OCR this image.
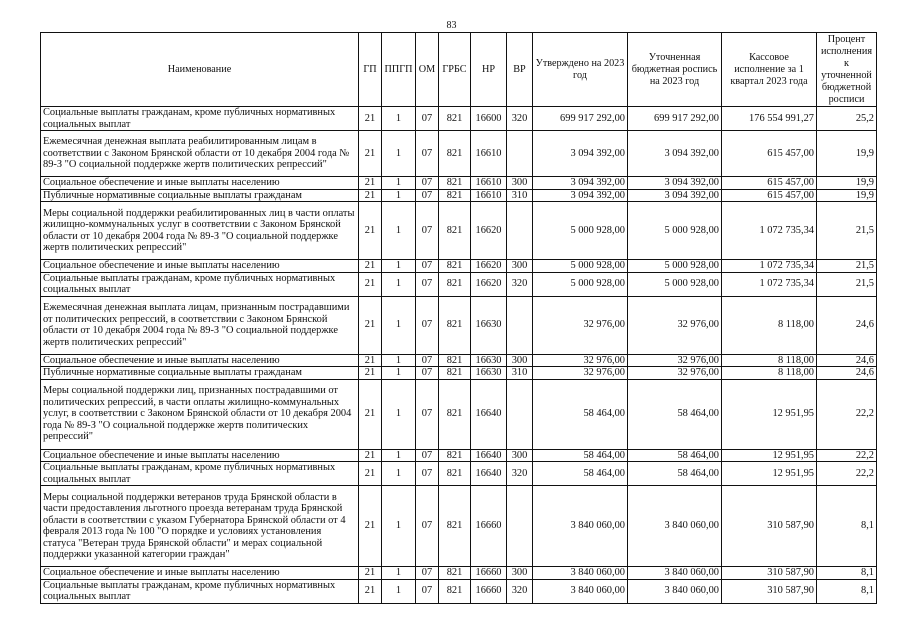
83
Наименование	ГП	ППГП	ОМ	ГРБС	НР	ВР	Утверждено на 2023 год	Уточненная бюджетная роспись на 2023 год	Кассовое исполнение за 1 квартал 2023 года	Процент исполнения к уточненной бюджетной росписи
Социальные выплаты гражданам, кроме публичных нормативных социальных выплат	21	1	07	821	16600	320	699 917 292,00	699 917 292,00	176 554 991,27	25,2
Ежемесячная денежная выплата реабилитированным лицам в соответствии с Законом Брянской области от 10 декабря 2004 года № 89-З "О социальной поддержке жертв политических репрессий"	21	1	07	821	16610		3 094 392,00	3 094 392,00	615 457,00	19,9
Социальное обеспечение и иные выплаты населению	21	1	07	821	16610	300	3 094 392,00	3 094 392,00	615 457,00	19,9
Публичные нормативные социальные выплаты гражданам	21	1	07	821	16610	310	3 094 392,00	3 094 392,00	615 457,00	19,9
Меры социальной поддержки реабилитированных лиц в части оплаты жилищно-коммунальных услуг в соответствии с Законом Брянской области от 10 декабря 2004 года № 89-З "О социальной поддержке жертв политических репрессий"	21	1	07	821	16620		5 000 928,00	5 000 928,00	1 072 735,34	21,5
Социальное обеспечение и иные выплаты населению	21	1	07	821	16620	300	5 000 928,00	5 000 928,00	1 072 735,34	21,5
Социальные выплаты гражданам, кроме публичных нормативных социальных выплат	21	1	07	821	16620	320	5 000 928,00	5 000 928,00	1 072 735,34	21,5
Ежемесячная денежная выплата лицам, признанным пострадавшими от политических репрессий, в соответствии с Законом Брянской области от 10 декабря 2004 года № 89-З "О социальной поддержке жертв политических репрессий"	21	1	07	821	16630		32 976,00	32 976,00	8 118,00	24,6
Социальное обеспечение и иные выплаты населению	21	1	07	821	16630	300	32 976,00	32 976,00	8 118,00	24,6
Публичные нормативные социальные выплаты гражданам	21	1	07	821	16630	310	32 976,00	32 976,00	8 118,00	24,6
Меры социальной поддержки лиц, признанных пострадавшими от политических репрессий, в части оплаты жилищно-коммунальных услуг, в соответствии с Законом Брянской области от 10 декабря 2004 года № 89-З "О социальной поддержке жертв политических репрессий"	21	1	07	821	16640		58 464,00	58 464,00	12 951,95	22,2
Социальное обеспечение и иные выплаты населению	21	1	07	821	16640	300	58 464,00	58 464,00	12 951,95	22,2
Социальные выплаты гражданам, кроме публичных нормативных социальных выплат	21	1	07	821	16640	320	58 464,00	58 464,00	12 951,95	22,2
Меры социальной поддержки ветеранов труда Брянской области в части предоставления льготного проезда ветеранам труда Брянской области в соответствии с указом Губернатора Брянской области от 4 февраля 2013 года № 100 "О порядке и условиях установления статуса "Ветеран труда Брянской области" и мерах социальной поддержки указанной категории граждан"	21	1	07	821	16660		3 840 060,00	3 840 060,00	310 587,90	8,1
Социальное обеспечение и иные выплаты населению	21	1	07	821	16660	300	3 840 060,00	3 840 060,00	310 587,90	8,1
Социальные выплаты гражданам, кроме публичных нормативных социальных выплат	21	1	07	821	16660	320	3 840 060,00	3 840 060,00	310 587,90	8,1
